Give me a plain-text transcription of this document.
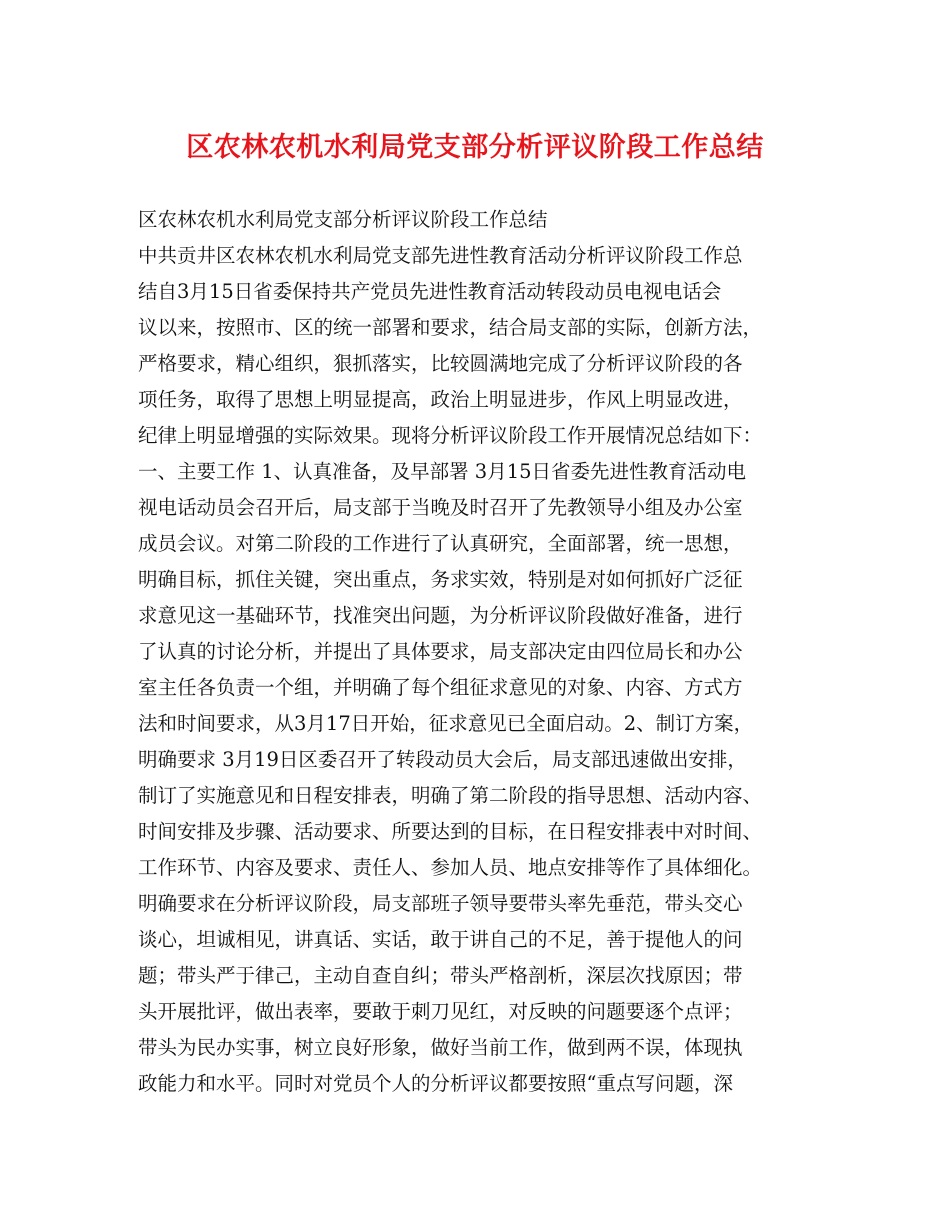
区农林农机水利局党支部分析评议阶段工作总结
区农林农机水利局党支部分析评议阶段工作总结
中共贡井区农林农机水利局党支部先进性教育活动分析评议阶段工作总
结自3月15日省委保持共产党员先进性教育活动转段动员电视电话会
议以来，按照市、区的统一部署和要求，结合局支部的实际，创新方法，
严格要求，精心组织，狠抓落实，比较圆满地完成了分析评议阶段的各
项任务，取得了思想上明显提高，政治上明显进步，作风上明显改进，
纪律上明显增强的实际效果。现将分析评议阶段工作开展情况总结如下：
一、主要工作 1、认真准备，及早部署 3月15日省委先进性教育活动电
视电话动员会召开后，局支部于当晚及时召开了先教领导小组及办公室
成员会议。对第二阶段的工作进行了认真研究，全面部署，统一思想，
明确目标，抓住关键，突出重点，务求实效，特别是对如何抓好广泛征
求意见这一基础环节，找准突出问题，为分析评议阶段做好准备，进行
了认真的讨论分析，并提出了具体要求，局支部决定由四位局长和办公
室主任各负责一个组，并明确了每个组征求意见的对象、内容、方式方
法和时间要求，从3月17日开始，征求意见已全面启动。2、制订方案，
明确要求 3月19日区委召开了转段动员大会后，局支部迅速做出安排，
制订了实施意见和日程安排表，明确了第二阶段的指导思想、活动内容、
时间安排及步骤、活动要求、所要达到的目标，在日程安排表中对时间、
工作环节、内容及要求、责任人、参加人员、地点安排等作了具体细化。
明确要求在分析评议阶段，局支部班子领导要带头率先垂范，带头交心
谈心，坦诚相见，讲真话、实话，敢于讲自己的不足，善于提他人的问
题；带头严于律己，主动自查自纠；带头严格剖析，深层次找原因；带
头开展批评，做出表率，要敢于刺刀见红，对反映的问题要逐个点评；
带头为民办实事，树立良好形象，做好当前工作，做到两不误，体现执
政能力和水平。同时对党员个人的分析评议都要按照“重点写问题，深
